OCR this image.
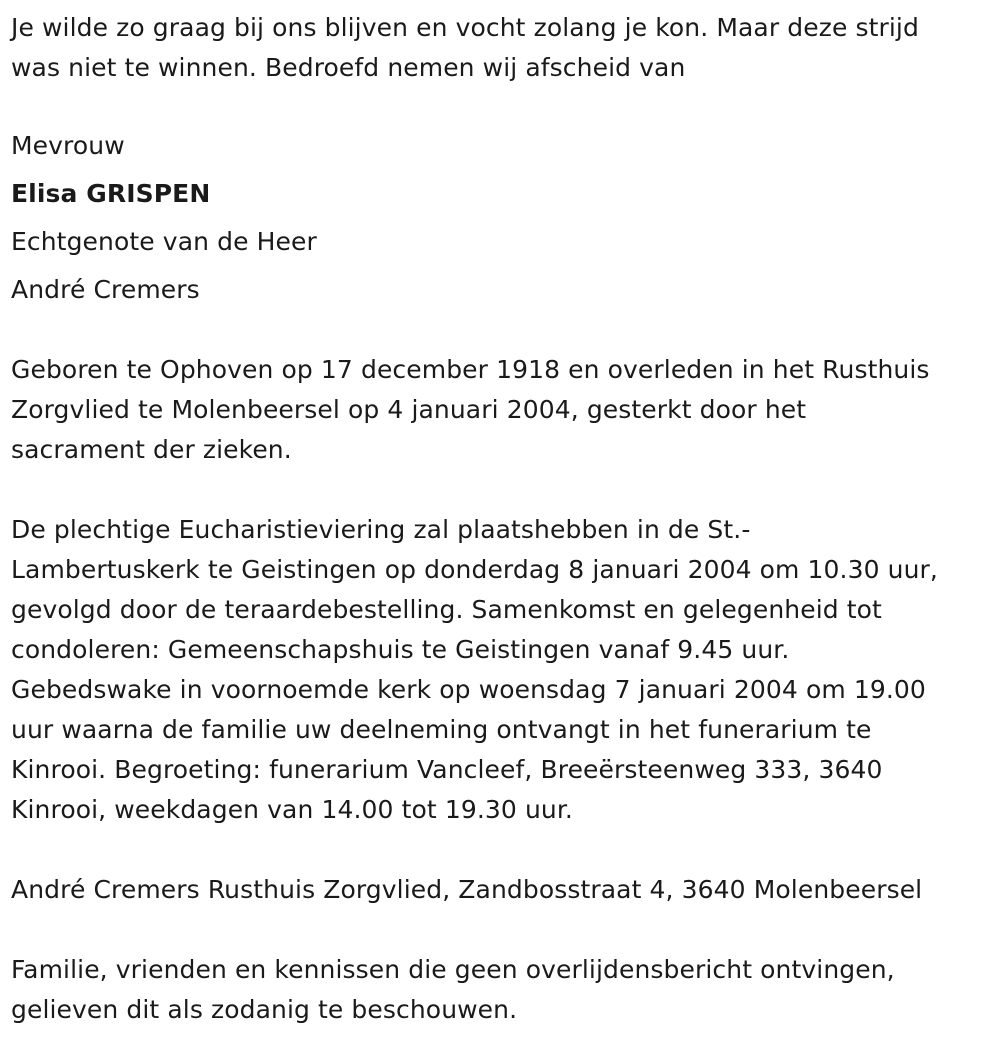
Je wilde zo graag bij ons blijven en vocht zolang je kon. Maar deze strijd
was niet te winnen. Bedroefd nemen wij afscheid van

Mevrouw
Elisa GRISPEN
Echtgenote van de Heer
André Cremers

Geboren te Ophoven op 17 december 1918 en overleden in het Rusthuis
Zorgvlied te Molenbeersel op 4 januari 2004, gesterkt door het
sacrament der zieken.

De plechtige Eucharistieviering zal plaatshebben in de St.-
Lambertuskerk te Geistingen op donderdag 8 januari 2004 om 10.30 uur,
gevolgd door de teraardebestelling. Samenkomst en gelegenheid tot
condoleren: Gemeenschapshuis te Geistingen vanaf 9.45 uur.
Gebedswake in voornoemde kerk op woensdag 7 januari 2004 om 19.00
uur waarna de familie uw deelneming ontvangt in het funerarium te
Kinrooi. Begroeting: funerarium Vancleef, Breeërsteenweg 333, 3640
Kinrooi, weekdagen van 14.00 tot 19.30 uur.

André Cremers Rusthuis Zorgvlied, Zandbosstraat 4, 3640 Molenbeersel

Familie, vrienden en kennissen die geen overlijdensbericht ontvingen,
gelieven dit als zodanig te beschouwen.
